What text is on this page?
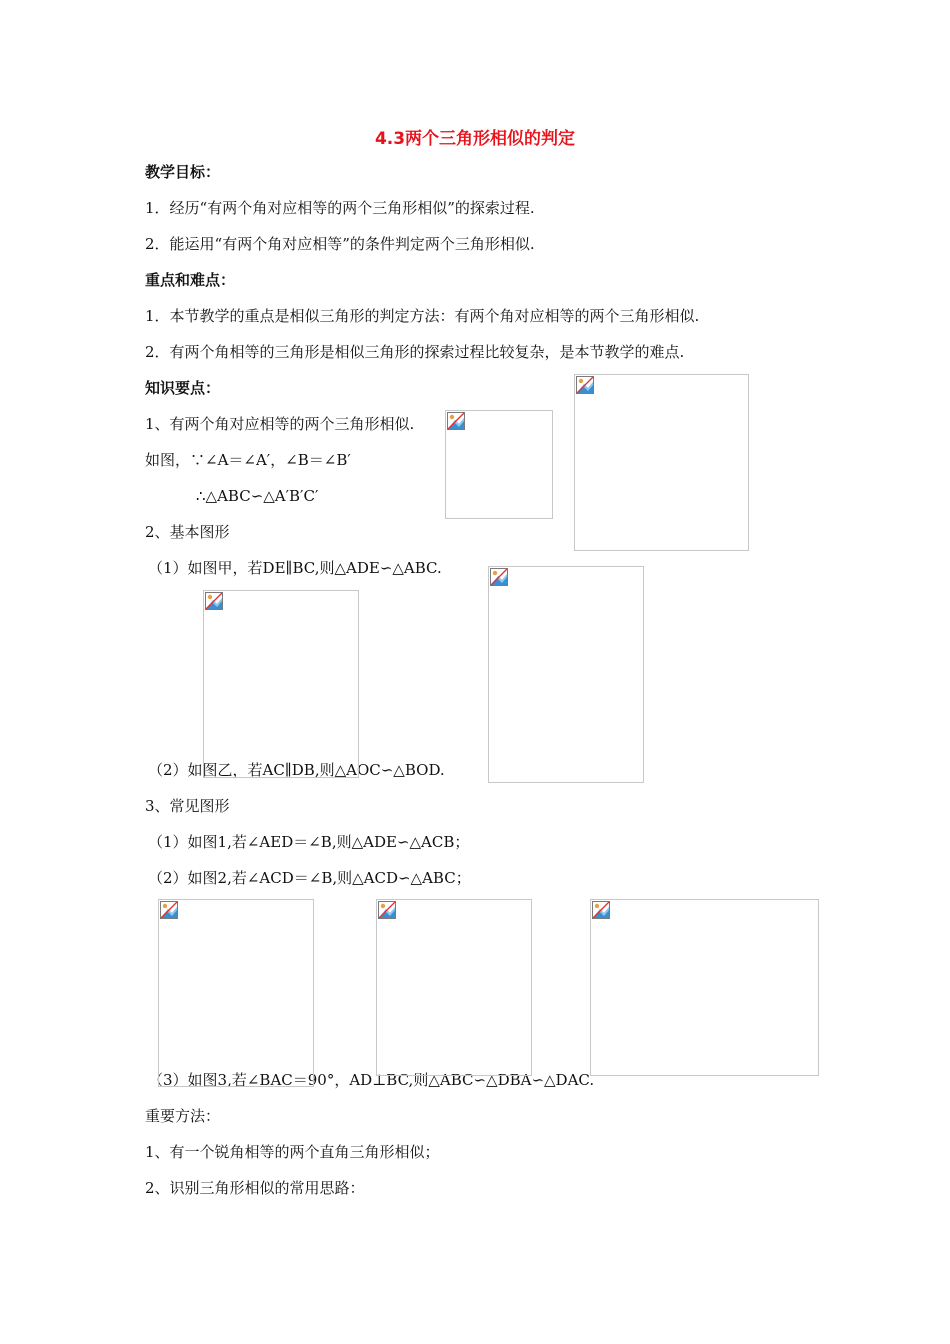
4.3两个三角形相似的判定
教学目标：
1．经历“有两个角对应相等的两个三角形相似”的探索过程.
2．能运用“有两个角对应相等”的条件判定两个三角形相似.
重点和难点：
1．本节教学的重点是相似三角形的判定方法：有两个角对应相等的两个三角形相似.
2．有两个角相等的三角形是相似三角形的探索过程比较复杂，是本节教学的难点.
知识要点：
1、有两个角对应相等的两个三角形相似.
如图，∵∠A＝∠A′，∠B＝∠B′
∴△ABC∽△A′B′C′
2、基本图形
（1）如图甲，若DE∥BC,则△ADE∽△ABC.
（2）如图乙，若AC∥DB,则△AOC∽△BOD.
3、常见图形
（1）如图1,若∠AED＝∠B,则△ADE∽△ACB；
（2）如图2,若∠ACD＝∠B,则△ACD∽△ABC；
（3）如图3,若∠BAC＝90°，AD⊥BC,则△ABC∽△DBA∽△DAC.
重要方法：
1、有一个锐角相等的两个直角三角形相似；
2、识别三角形相似的常用思路：
